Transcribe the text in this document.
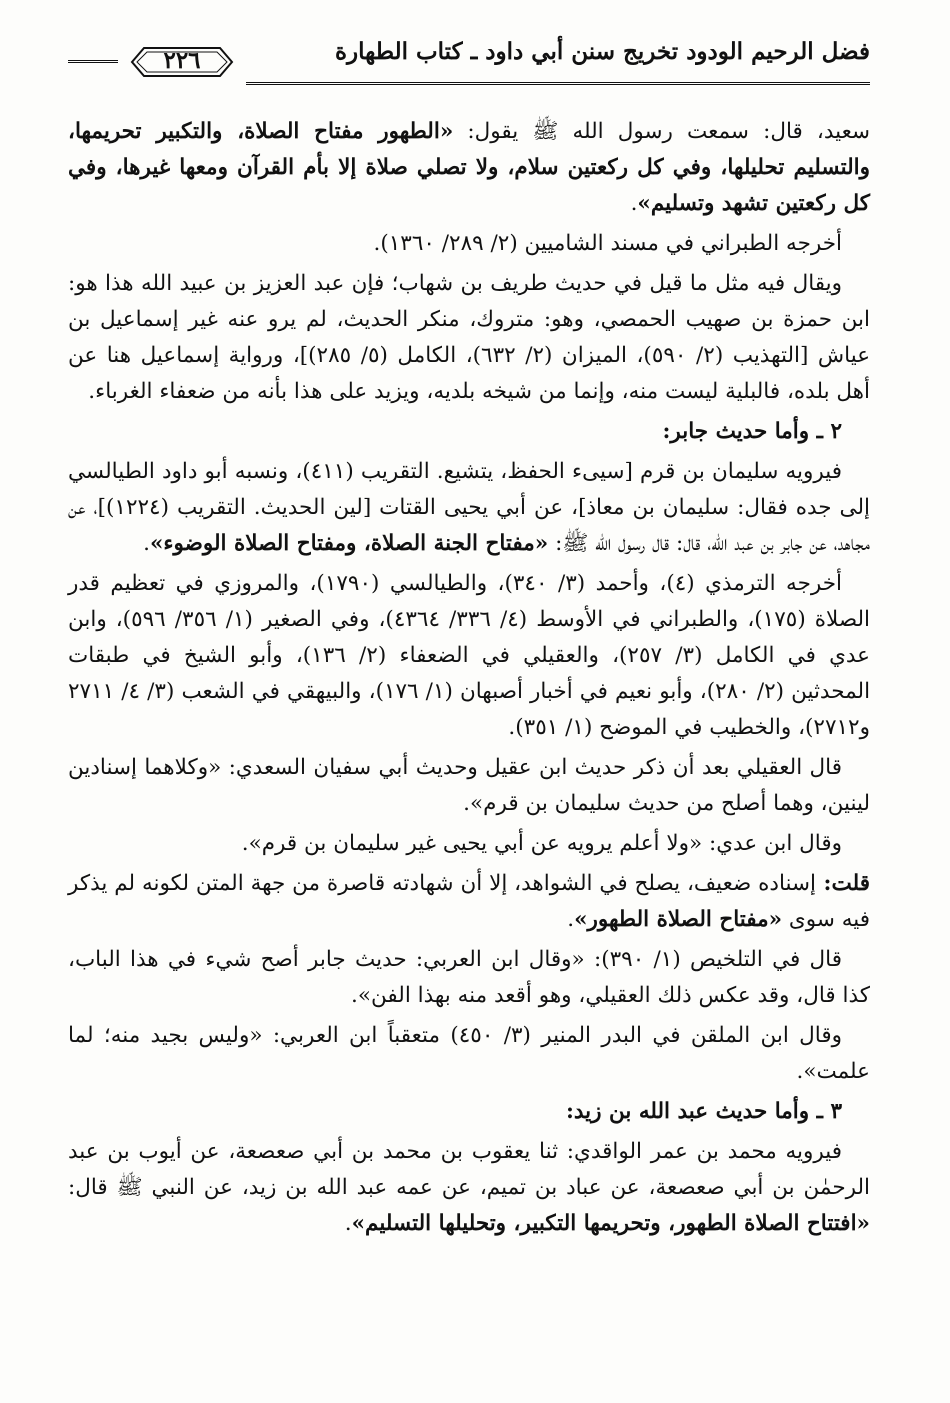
فضل الرحيم الودود تخريج سنن أبي داود ـ كتاب الطهارة
٢٢٦

سعيد، قال: سمعت رسول الله ﷺ يقول: «الطهور مفتاح الصلاة، والتكبير تحريمها، والتسليم تحليلها، وفي كل ركعتين سلام، ولا تصلي صلاة إلا بأم القرآن ومعها غيرها، وفي كل ركعتين تشهد وتسليم».

أخرجه الطبراني في مسند الشاميين (٢/ ٢٨٩/ ١٣٦٠).

ويقال فيه مثل ما قيل في حديث طريف بن شهاب؛ فإن عبد العزيز بن عبيد الله هذا هو: ابن حمزة بن صهيب الحمصي، وهو: متروك، منكر الحديث، لم يرو عنه غير إسماعيل بن عياش [التهذيب (٢/ ٥٩٠)، الميزان (٢/ ٦٣٢)، الكامل (٥/ ٢٨٥)]، ورواية إسماعيل هنا عن أهل بلده، فالبلية ليست منه، وإنما من شيخه بلديه، ويزيد على هذا بأنه من ضعفاء الغرباء.

٢ ـ وأما حديث جابر:

فيرويه سليمان بن قرم [سيىء الحفظ، يتشيع. التقريب (٤١١)، ونسبه أبو داود الطيالسي إلى جده فقال: سليمان بن معاذ]، عن أبي يحيى القتات [لين الحديث. التقريب (١٢٢٤)]، عن مجاهد، عن جابر بن عبد الله، قال: قال رسول الله ﷺ: «مفتاح الجنة الصلاة، ومفتاح الصلاة الوضوء».

أخرجه الترمذي (٤)، وأحمد (٣/ ٣٤٠)، والطيالسي (١٧٩٠)، والمروزي في تعظيم قدر الصلاة (١٧٥)، والطبراني في الأوسط (٤/ ٣٣٦/ ٤٣٦٤)، وفي الصغير (١/ ٣٥٦/ ٥٩٦)، وابن عدي في الكامل (٣/ ٢٥٧)، والعقيلي في الضعفاء (٢/ ١٣٦)، وأبو الشيخ في طبقات المحدثين (٢/ ٢٨٠)، وأبو نعيم في أخبار أصبهان (١/ ١٧٦)، والبيهقي في الشعب (٣/ ٤/ ٢٧١١ و٢٧١٢)، والخطيب في الموضح (١/ ٣٥١).

قال العقيلي بعد أن ذكر حديث ابن عقيل وحديث أبي سفيان السعدي: «وكلاهما إسنادين لينين، وهما أصلح من حديث سليمان بن قرم».

وقال ابن عدي: «ولا أعلم يرويه عن أبي يحيى غير سليمان بن قرم».

قلت: إسناده ضعيف، يصلح في الشواهد، إلا أن شهادته قاصرة من جهة المتن لكونه لم يذكر فيه سوى «مفتاح الصلاة الطهور».

قال في التلخيص (١/ ٣٩٠): «وقال ابن العربي: حديث جابر أصح شيء في هذا الباب، كذا قال، وقد عكس ذلك العقيلي، وهو أقعد منه بهذا الفن».

وقال ابن الملقن في البدر المنير (٣/ ٤٥٠) متعقباً ابن العربي: «وليس بجيد منه؛ لما علمت».

٣ ـ وأما حديث عبد الله بن زيد:

فيرويه محمد بن عمر الواقدي: ثنا يعقوب بن محمد بن أبي صعصعة، عن أيوب بن عبد الرحمٰن بن أبي صعصعة، عن عباد بن تميم، عن عمه عبد الله بن زيد، عن النبي ﷺ قال: «افتتاح الصلاة الطهور، وتحريمها التكبير، وتحليلها التسليم».
